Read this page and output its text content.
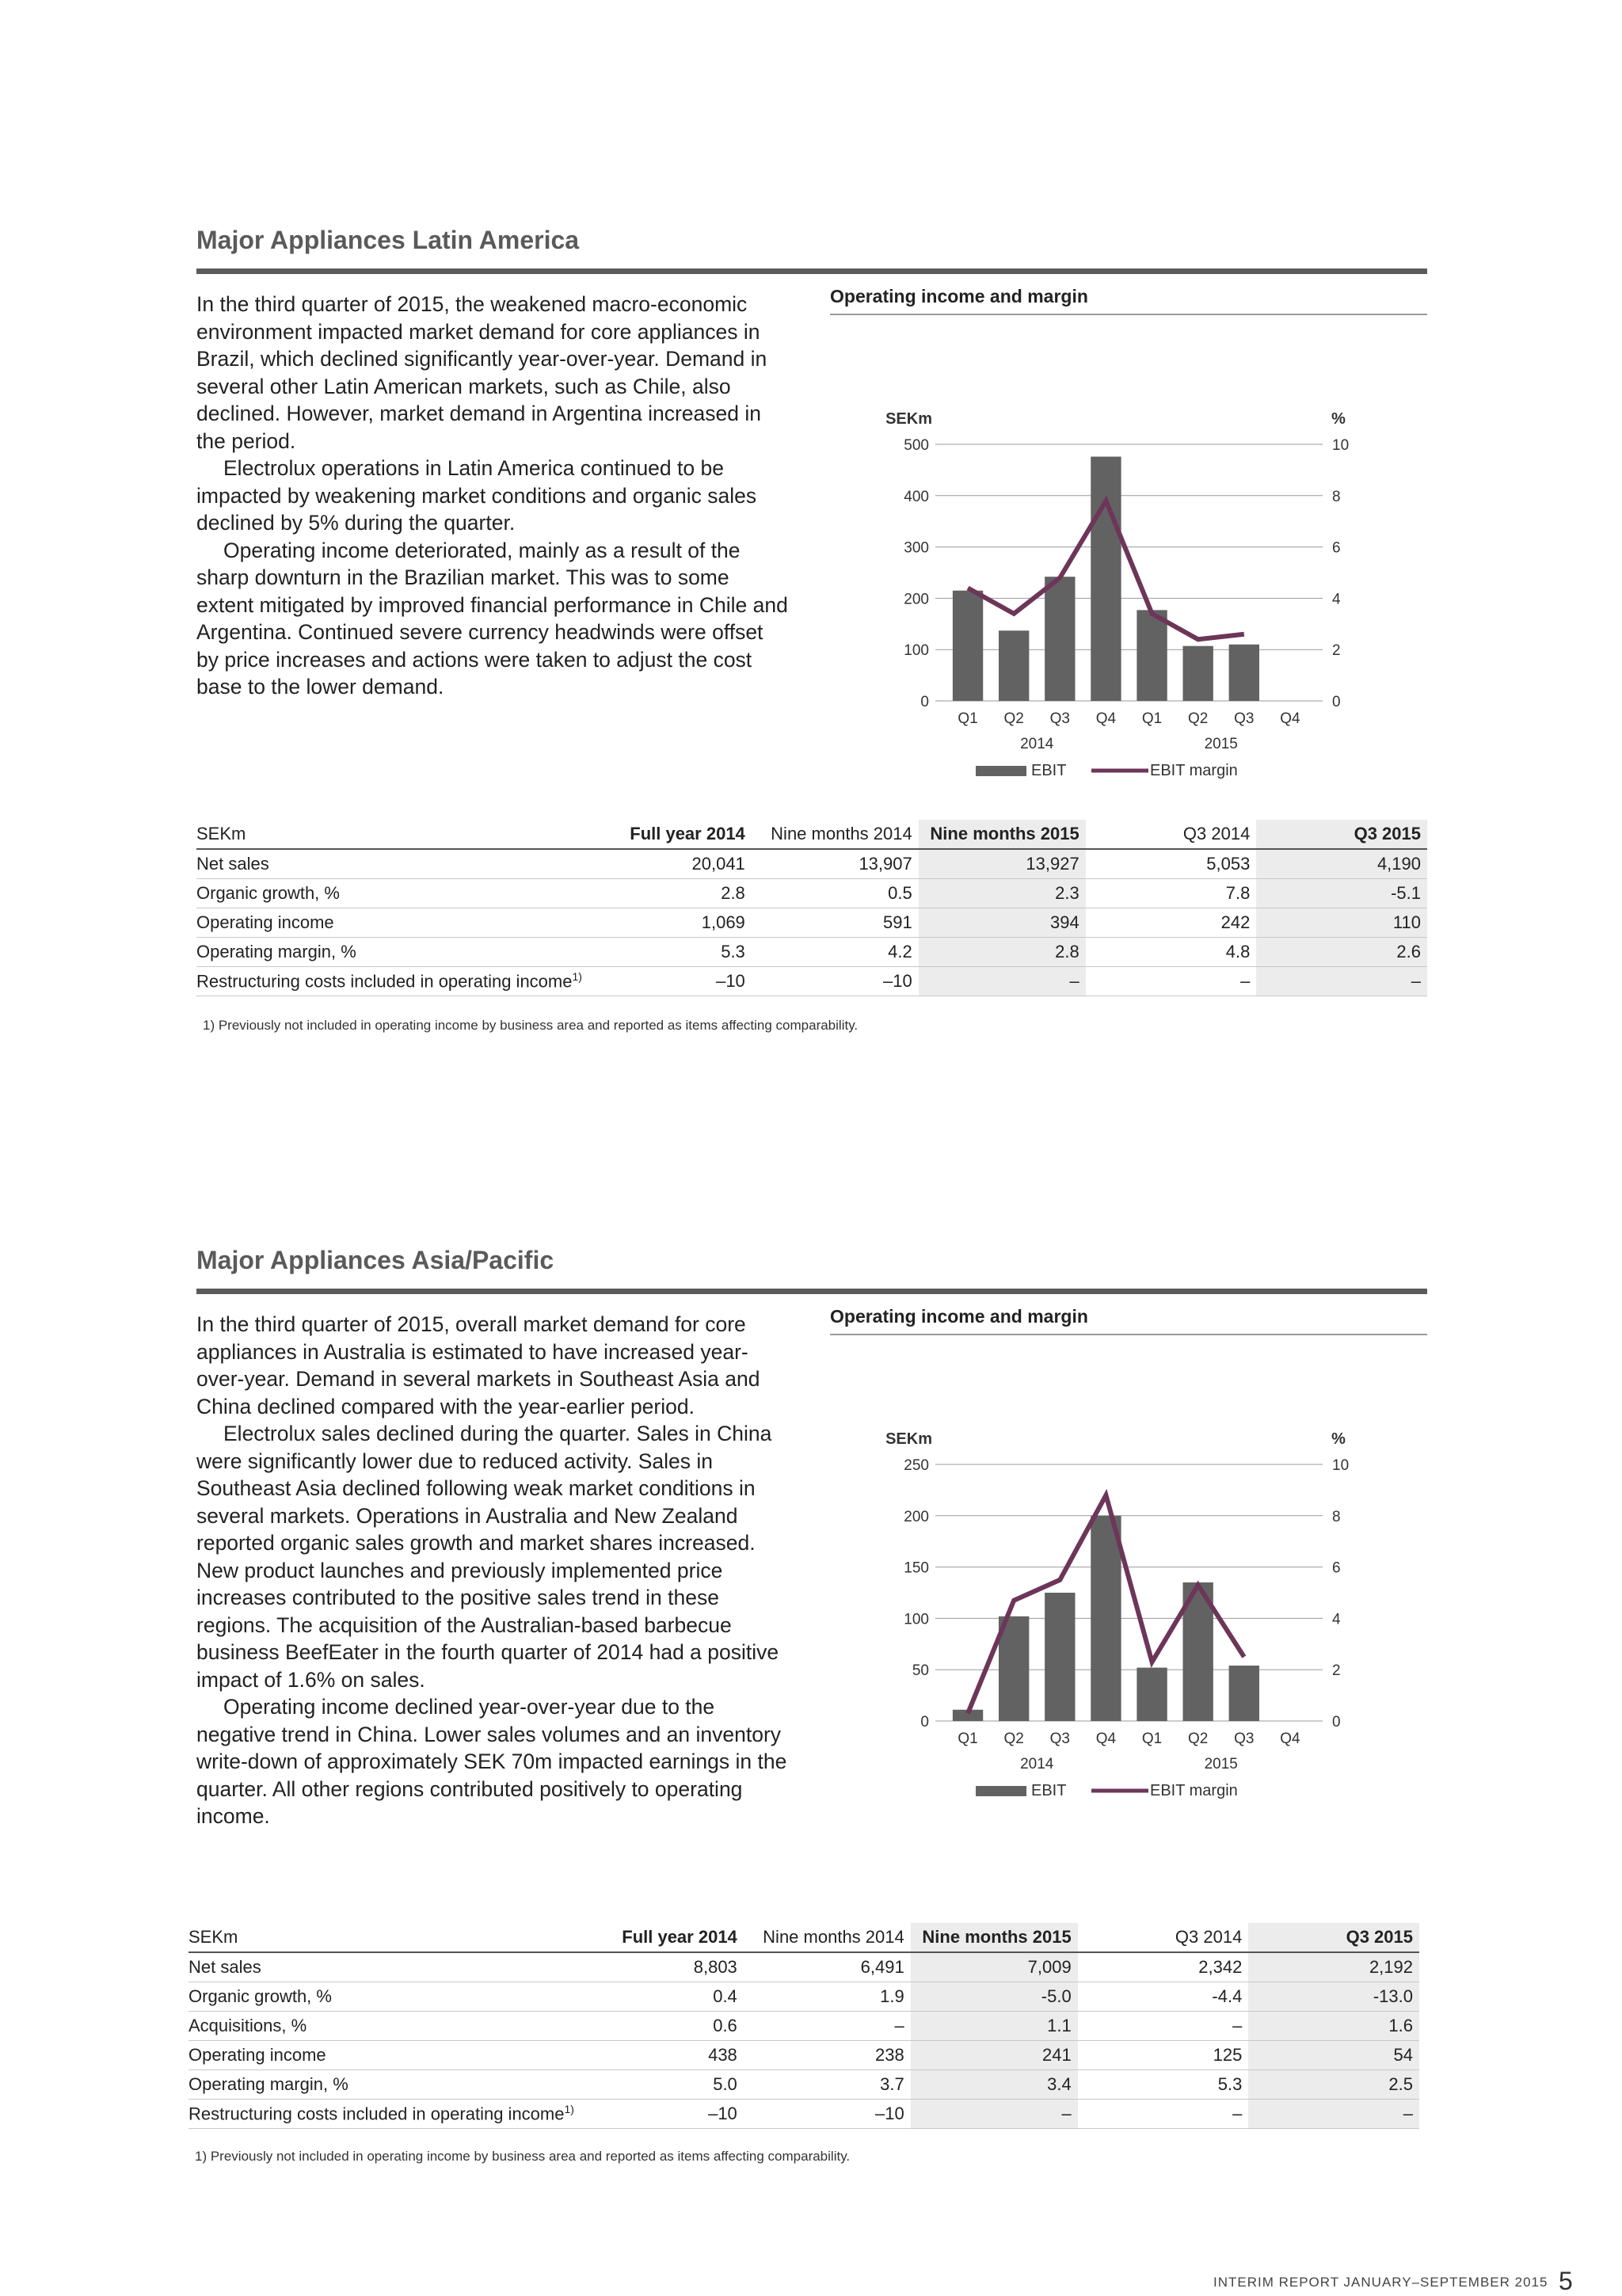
Major Appliances Latin America

In the third quarter of 2015, the weakened macro-economic environment impacted market demand for core appliances in Brazil, which declined significantly year-over-year. Demand in several other Latin American markets, such as Chile, also declined. However, market demand in Argentina increased in the period.

Electrolux operations in Latin America continued to be impacted by weakening market conditions and organic sales declined by 5% during the quarter.

Operating income deteriorated, mainly as a result of the sharp downturn in the Brazilian market. This was to some extent mitigated by improved financial performance in Chile and Argentina. Continued severe currency headwinds were offset by price increases and actions were taken to adjust the cost base to the lower demand.

Operating income and margin
SEKm	%
0	0
100	2
200	4
300	6
400	8
500	10
Q1 Q2 Q3 Q4 Q1 Q2 Q3 Q4
2014	2015
EBIT	EBIT margin
SEKm	Full year 2014	Nine months 2014	Nine months 2015	Q3 2014	Q3 2015
Net sales	20,041	13,907	13,927	5,053	4,190
Organic growth, %	2.8	0.5	2.3	7.8	-5.1
Operating income	1,069	591	394	242	110
Operating margin, %	5.3	4.2	2.8	4.8	2.6
Restructuring costs included in operating income$^{1)}$	–10	–10	–	–	–
1) Previously not included in operating income by business area and reported as items affecting comparability.
Major Appliances Asia/Pacific

In the third quarter of 2015, overall market demand for core appliances in Australia is estimated to have increased year-over-year. Demand in several markets in Southeast Asia and China declined compared with the year-earlier period.

Electrolux sales declined during the quarter. Sales in China were significantly lower due to reduced activity. Sales in Southeast Asia declined following weak market conditions in several markets. Operations in Australia and New Zealand reported organic sales growth and market shares increased. New product launches and previously implemented price increases contributed to the positive sales trend in these regions. The acquisition of the Australian-based barbecue business BeefEater in the fourth quarter of 2014 had a positive impact of 1.6% on sales.

Operating income declined year-over-year due to the negative trend in China. Lower sales volumes and an inventory write-down of approximately SEK 70m impacted earnings in the quarter. All other regions contributed positively to operating income.

Operating income and margin
SEKm	%
0	0
50	2
100	4
150	6
200	8
250	10
Q1 Q2 Q3 Q4 Q1 Q2 Q3 Q4
2014	2015
EBIT	EBIT margin
SEKm	Full year 2014	Nine months 2014	Nine months 2015	Q3 2014	Q3 2015
Net sales	8,803	6,491	7,009	2,342	2,192
Organic growth, %	0.4	1.9	-5.0	-4.4	-13.0
Acquisitions, %	0.6	–	1.1	–	1.6
Operating income	438	238	241	125	54
Operating margin, %	5.0	3.7	3.4	5.3	2.5
Restructuring costs included in operating income$^{1)}$	–10	–10	–	–	–
1) Previously not included in operating income by business area and reported as items affecting comparability.
INTERIM REPORT JANUARY–SEPTEMBER 2015 5
